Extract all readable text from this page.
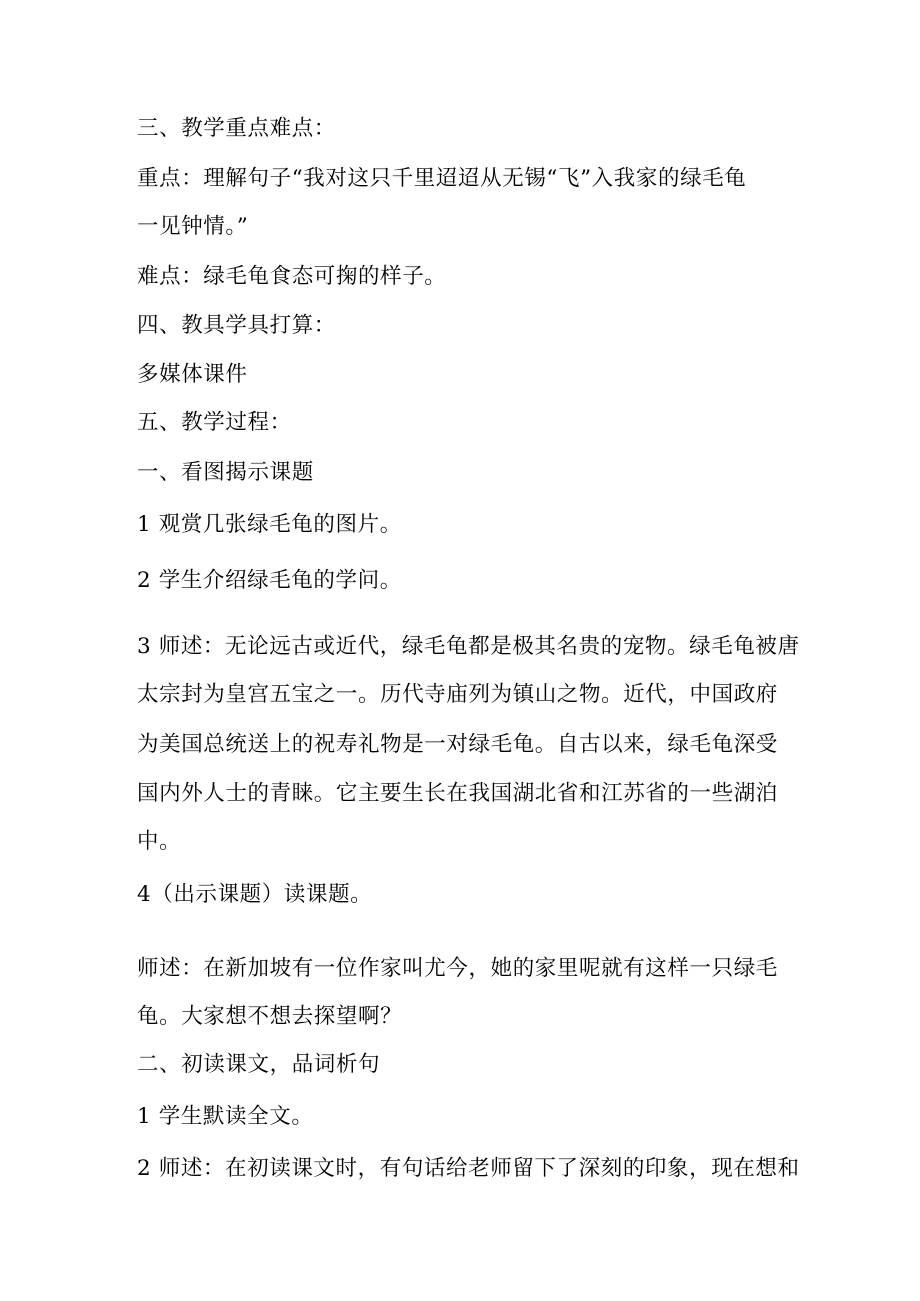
三、教学重点难点：
重点：理解句子“我对这只千里迢迢从无锡“飞”入我家的绿毛龟
一见钟情。”
难点：绿毛龟食态可掬的样子。
四、教具学具打算：
多媒体课件
五、教学过程：
一、看图揭示课题
1 观赏几张绿毛龟的图片。
2 学生介绍绿毛龟的学问。
3 师述：无论远古或近代，绿毛龟都是极其名贵的宠物。绿毛龟被唐
太宗封为皇宫五宝之一。历代寺庙列为镇山之物。近代，中国政府
为美国总统送上的祝寿礼物是一对绿毛龟。自古以来，绿毛龟深受
国内外人士的青睐。它主要生长在我国湖北省和江苏省的一些湖泊
中。
4（出示课题）读课题。
师述：在新加坡有一位作家叫尤今，她的家里呢就有这样一只绿毛
龟。大家想不想去探望啊？
二、初读课文，品词析句
1 学生默读全文。
2 师述：在初读课文时，有句话给老师留下了深刻的印象，现在想和
